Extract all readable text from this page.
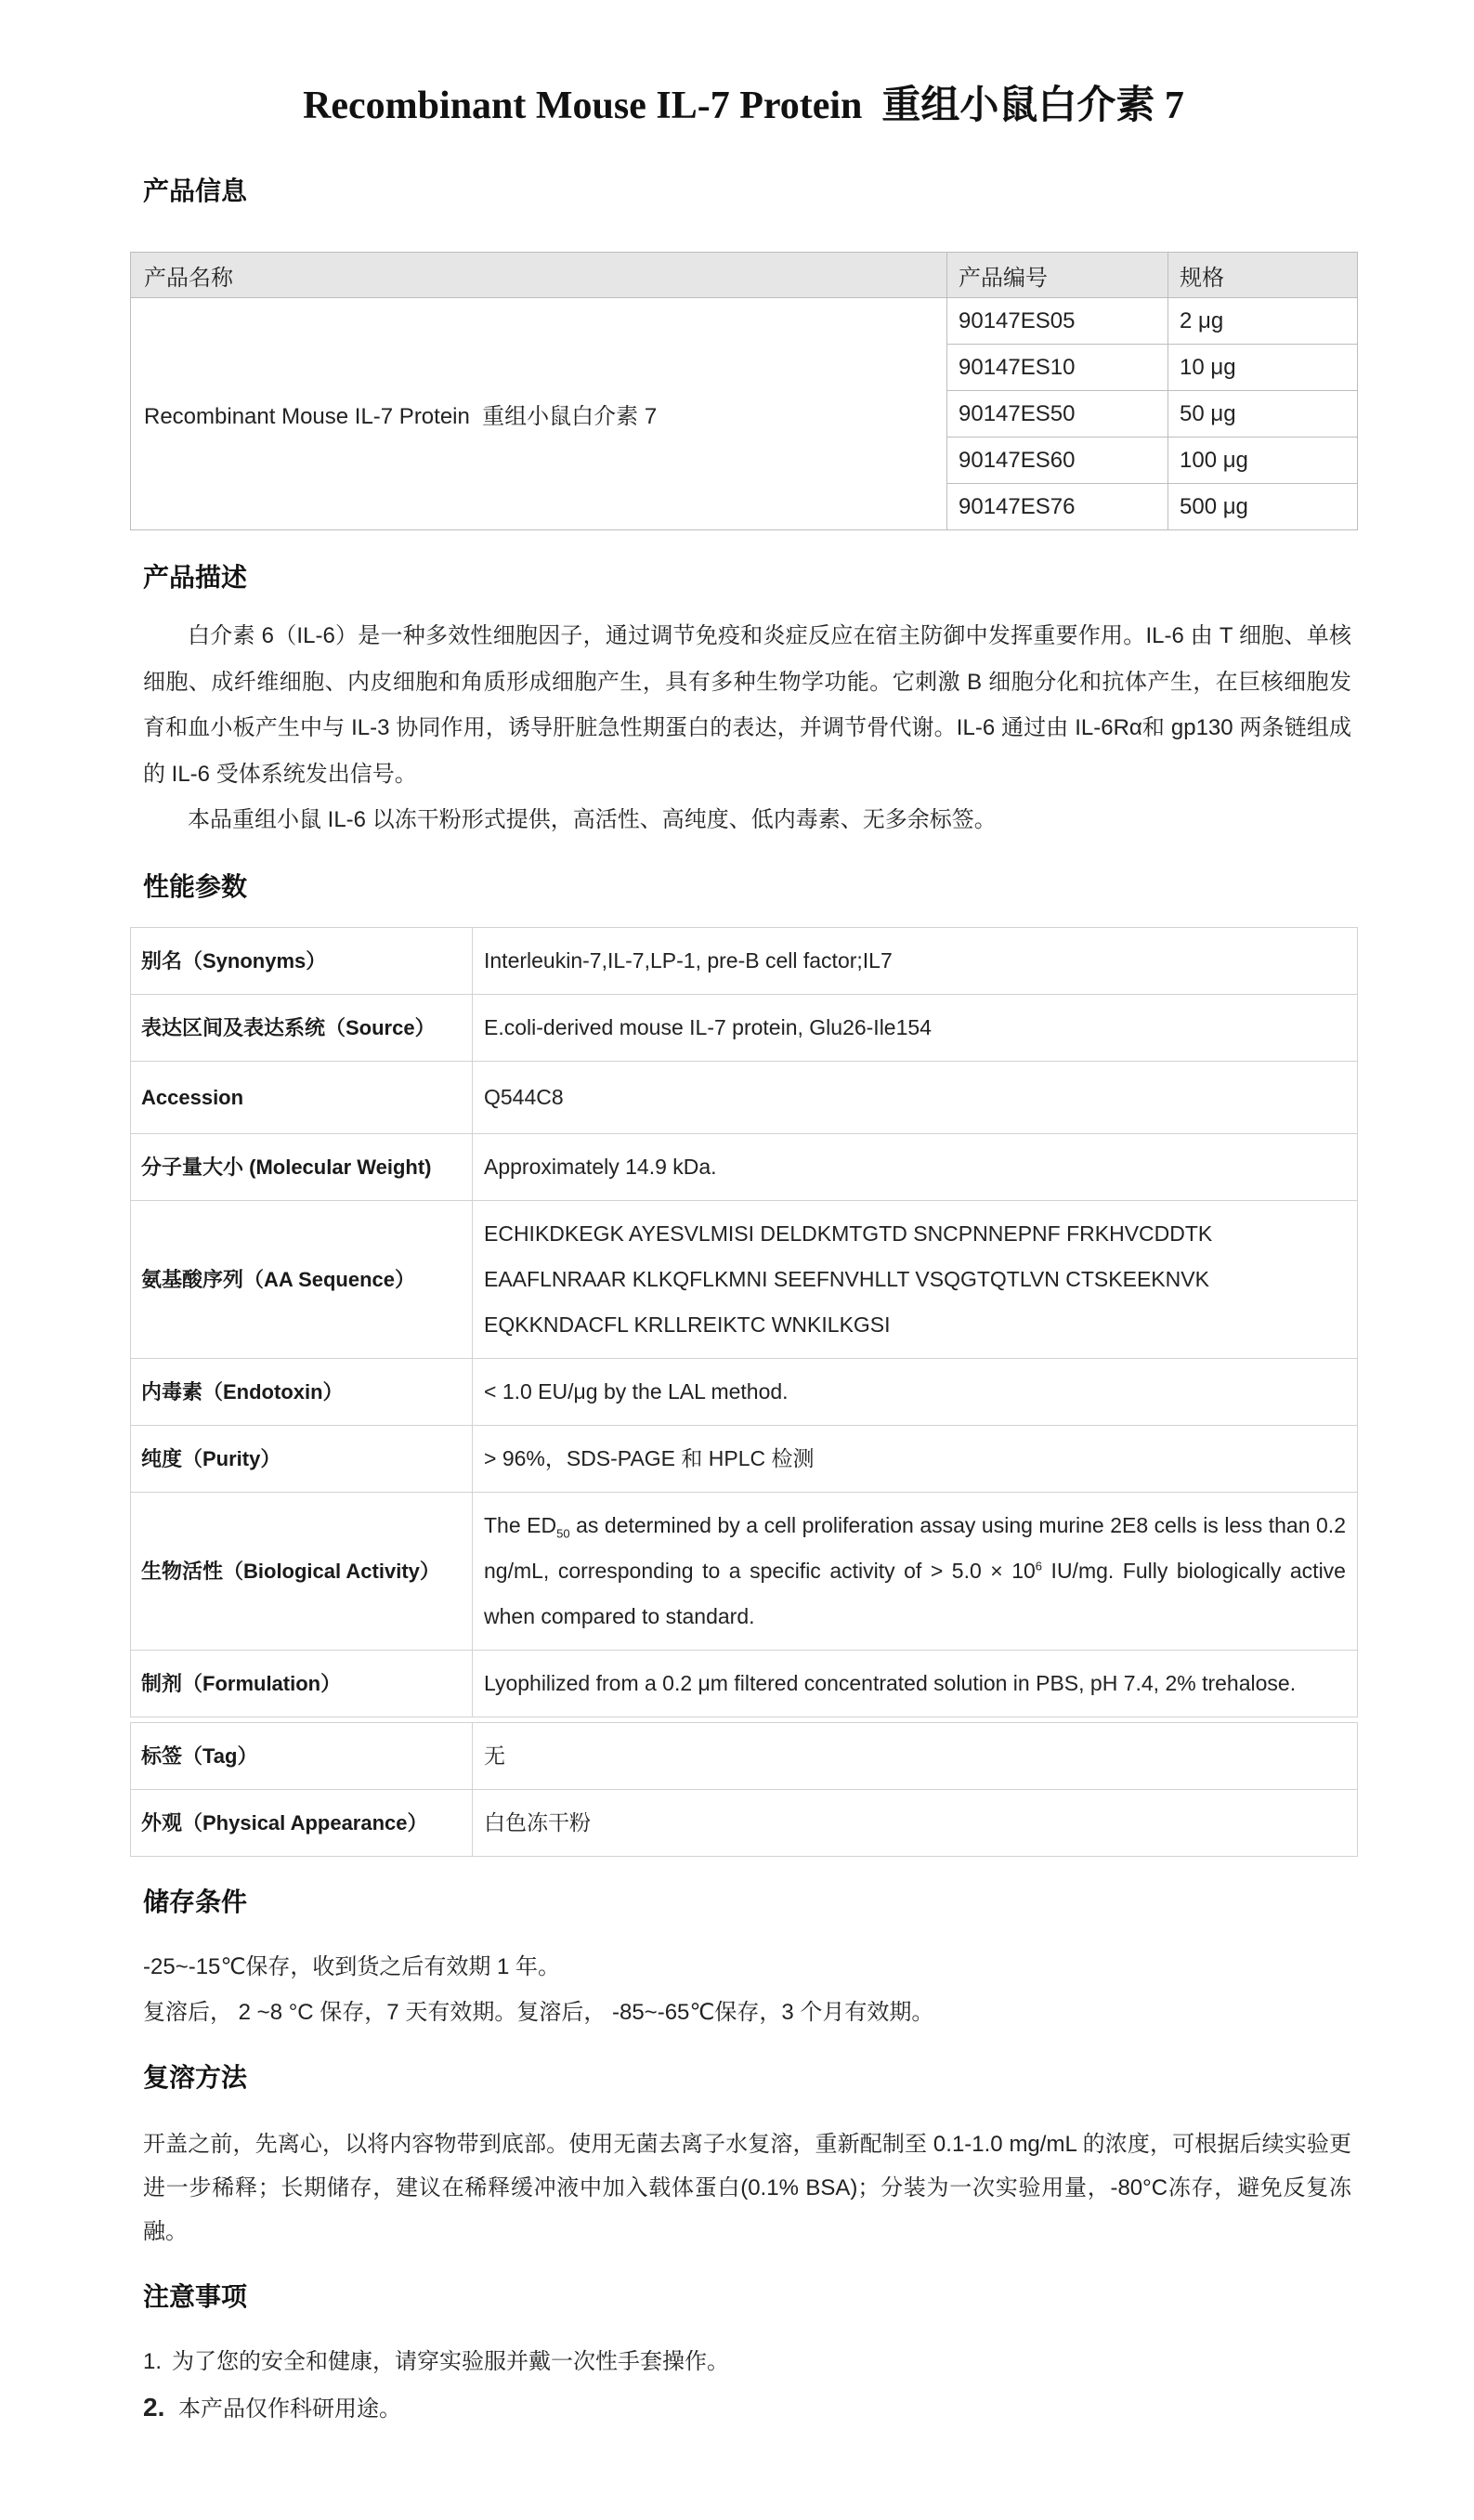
Recombinant Mouse IL-7 Protein  重组小鼠白介素 7
产品信息
产品名称	产品编号	规格
Recombinant Mouse IL-7 Protein  重组小鼠白介素 7	90147ES05	2 μg
	90147ES10	10 μg
	90147ES50	50 μg
	90147ES60	100 μg
	90147ES76	500 μg
产品描述

白介素 6（IL-6）是一种多效性细胞因子，通过调节免疫和炎症反应在宿主防御中发挥重要作用。IL-6 由 T 细胞、单核细胞、成纤维细胞、内皮细胞和角质形成细胞产生，具有多种生物学功能。它刺激 B 细胞分化和抗体产生，在巨核细胞发育和血小板产生中与 IL-3 协同作用，诱导肝脏急性期蛋白的表达，并调节骨代谢。IL-6 通过由 IL-6Rα和 gp130 两条链组成的 IL-6 受体系统发出信号。

本品重组小鼠 IL-6 以冻干粉形式提供，高活性、高纯度、低内毒素、无多余标签。

性能参数
别名（Synonyms）	Interleukin-7,IL-7,LP-1, pre-B cell factor;IL7
表达区间及表达系统（Source）	E.coli-derived mouse IL-7 protein, Glu26-Ile154
Accession	Q544C8
分子量大小 (Molecular Weight)	Approximately 14.9 kDa.
氨基酸序列（AA Sequence）	ECHIKDKEGK AYESVLMISI DELDKMTGTD SNCPNNEPNF FRKHVCDDTK
EAAFLNRAAR KLKQFLKMNI SEEFNVHLLT VSQGTQTLVN CTSKEEKNVK
EQKKNDACFL KRLLREIKTC WNKILKGSI

内毒素（Endotoxin）	< 1.0 EU/μg by the LAL method.
纯度（Purity）	> 96%，SDS-PAGE 和 HPLC 检测
生物活性（Biological Activity）	The $ED_{50}$ as determined by a cell proliferation assay using murine 2E8 cells is less than 0.2 ng/mL, corresponding to a specific activity of > $5.0 \times 10^6$ IU/mg. Fully biologically active when compared to standard.
制剂（Formulation）	Lyophilized from a 0.2 μm filtered concentrated solution in PBS, pH 7.4, 2% trehalose.
标签（Tag）	无
外观（Physical Appearance）	白色冻干粉
储存条件
-25~-15℃保存，收到货之后有效期 1 年。
复溶后， 2 ~8 °C 保存，7 天有效期。复溶后， -85~-65℃保存，3 个月有效期。
复溶方法
开盖之前，先离心，以将内容物带到底部。使用无菌去离子水复溶，重新配制至 0.1-1.0 mg/mL 的浓度，可根据后续实验更进一步稀释；长期储存，建议在稀释缓冲液中加入载体蛋白(0.1% BSA)；分装为一次实验用量，-80°C冻存，避免反复冻融。
注意事项
1. 为了您的安全和健康，请穿实验服并戴一次性手套操作。
2. 本产品仅作科研用途。
